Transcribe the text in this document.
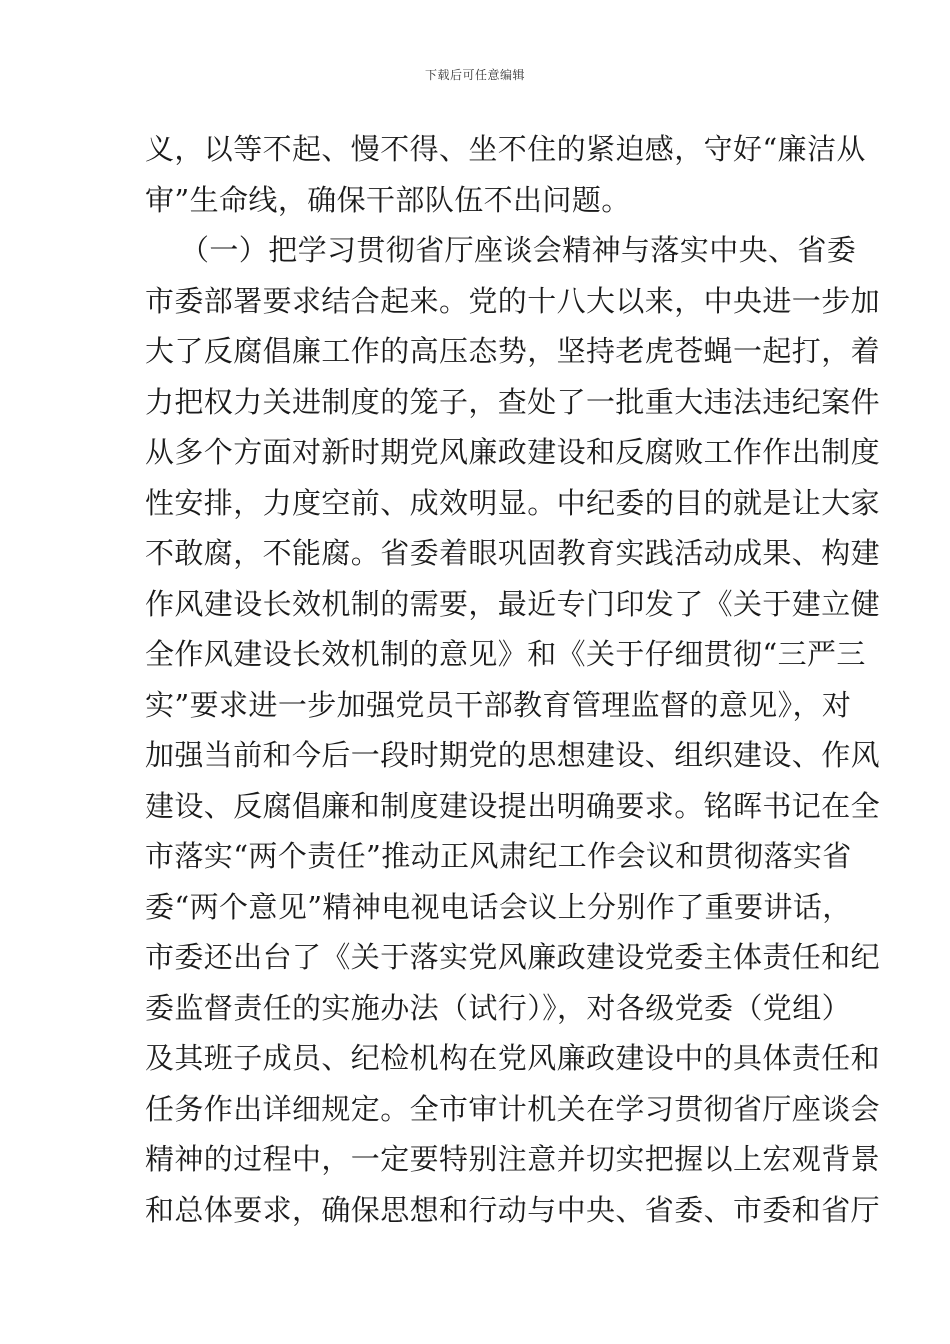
下载后可任意编辑
义，以等不起、慢不得、坐不住的紧迫感，守好“廉洁从
审”生命线，确保干部队伍不出问题。
（一）把学习贯彻省厅座谈会精神与落实中央、省委
市委部署要求结合起来。党的十八大以来，中央进一步加
大了反腐倡廉工作的高压态势，坚持老虎苍蝇一起打，着
力把权力关进制度的笼子，查处了一批重大违法违纪案件
从多个方面对新时期党风廉政建设和反腐败工作作出制度
性安排，力度空前、成效明显。中纪委的目的就是让大家
不敢腐，不能腐。省委着眼巩固教育实践活动成果、构建
作风建设长效机制的需要，最近专门印发了《关于建立健
全作风建设长效机制的意见》和《关于仔细贯彻“三严三
实”要求进一步加强党员干部教育管理监督的意见》，对
加强当前和今后一段时期党的思想建设、组织建设、作风
建设、反腐倡廉和制度建设提出明确要求。铭晖书记在全
市落实“两个责任”推动正风肃纪工作会议和贯彻落实省
委“两个意见”精神电视电话会议上分别作了重要讲话，
市委还出台了《关于落实党风廉政建设党委主体责任和纪
委监督责任的实施办法（试行）》，对各级党委（党组）
及其班子成员、纪检机构在党风廉政建设中的具体责任和
任务作出详细规定。全市审计机关在学习贯彻省厅座谈会
精神的过程中，一定要特别注意并切实把握以上宏观背景
和总体要求，确保思想和行动与中央、省委、市委和省厅
